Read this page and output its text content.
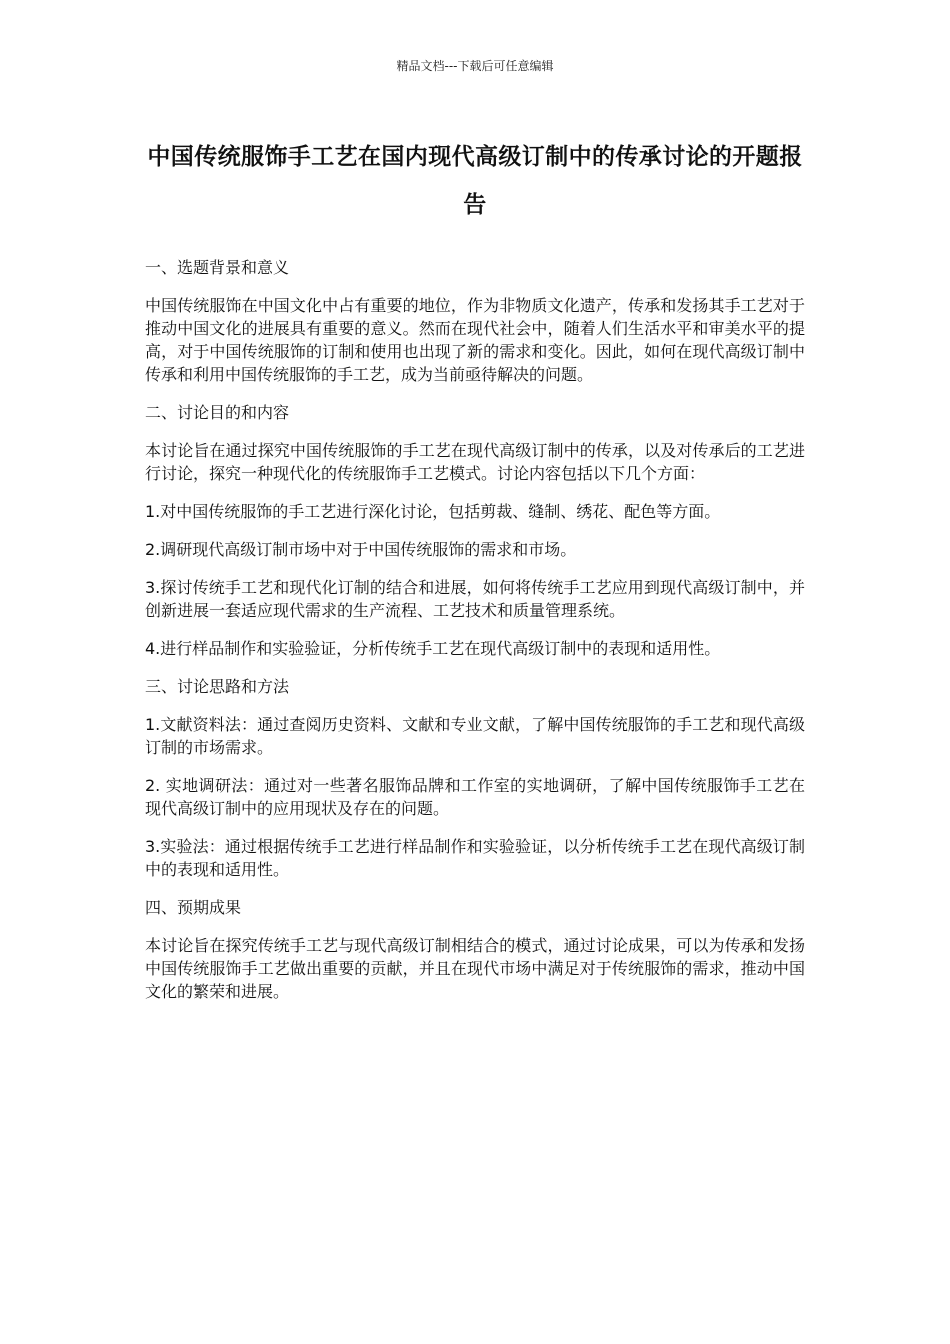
精品文档---下载后可任意编辑
中国传统服饰手工艺在国内现代高级订制中的传承讨论的开题报告
一、选题背景和意义
中国传统服饰在中国文化中占有重要的地位，作为非物质文化遗产，传承和发扬其手工艺对于推动中国文化的进展具有重要的意义。然而在现代社会中，随着人们生活水平和审美水平的提高，对于中国传统服饰的订制和使用也出现了新的需求和变化。因此，如何在现代高级订制中传承和利用中国传统服饰的手工艺，成为当前亟待解决的问题。
二、讨论目的和内容
本讨论旨在通过探究中国传统服饰的手工艺在现代高级订制中的传承，以及对传承后的工艺进行讨论，探究一种现代化的传统服饰手工艺模式。讨论内容包括以下几个方面：
1.对中国传统服饰的手工艺进行深化讨论，包括剪裁、缝制、绣花、配色等方面。
2.调研现代高级订制市场中对于中国传统服饰的需求和市场。
3.探讨传统手工艺和现代化订制的结合和进展，如何将传统手工艺应用到现代高级订制中，并创新进展一套适应现代需求的生产流程、工艺技术和质量管理系统。
4.进行样品制作和实验验证，分析传统手工艺在现代高级订制中的表现和适用性。
三、讨论思路和方法
1.文献资料法：通过查阅历史资料、文献和专业文献，了解中国传统服饰的手工艺和现代高级订制的市场需求。
2. 实地调研法：通过对一些著名服饰品牌和工作室的实地调研，了解中国传统服饰手工艺在现代高级订制中的应用现状及存在的问题。
3.实验法：通过根据传统手工艺进行样品制作和实验验证，以分析传统手工艺在现代高级订制中的表现和适用性。
四、预期成果
本讨论旨在探究传统手工艺与现代高级订制相结合的模式，通过讨论成果，可以为传承和发扬中国传统服饰手工艺做出重要的贡献，并且在现代市场中满足对于传统服饰的需求，推动中国文化的繁荣和进展。
